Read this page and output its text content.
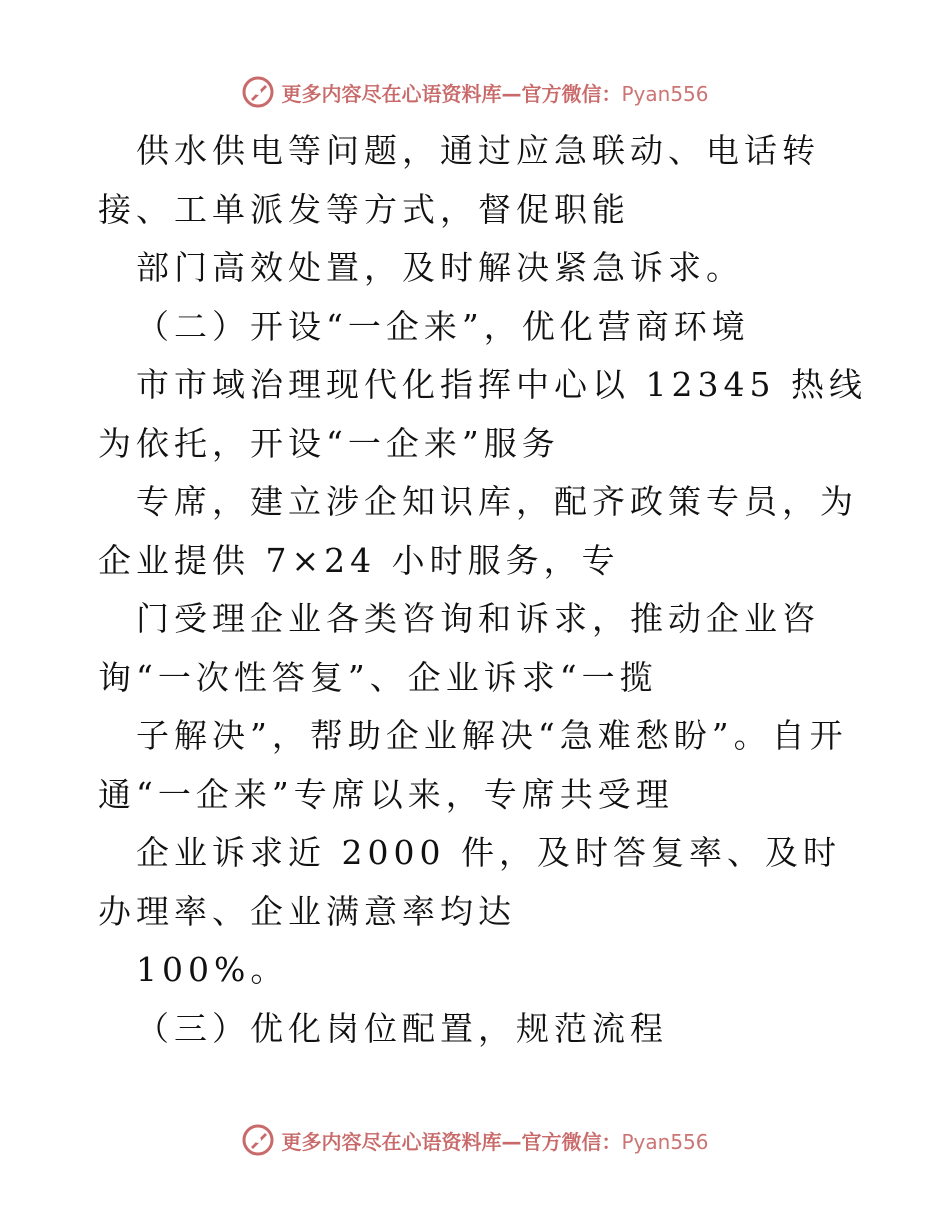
更多内容尽在心语资料库—官方微信：Pyan556

供水供电等问题，通过应急联动、电话转接、工单派发等方式，督促职能

部门高效处置，及时解决紧急诉求。

（二）开设“一企来”，优化营商环境

市市域治理现代化指挥中心以 12345 热线为依托，开设“一企来”服务

专席，建立涉企知识库，配齐政策专员，为企业提供 7×24 小时服务，专

门受理企业各类咨询和诉求，推动企业咨询“一次性答复”、企业诉求“一揽

子解决”，帮助企业解决“急难愁盼”。自开通“一企来”专席以来，专席共受理

企业诉求近 2000 件，及时答复率、及时办理率、企业满意率均达

100%。

（三）优化岗位配置，规范流程

更多内容尽在心语资料库—官方微信：Pyan556
